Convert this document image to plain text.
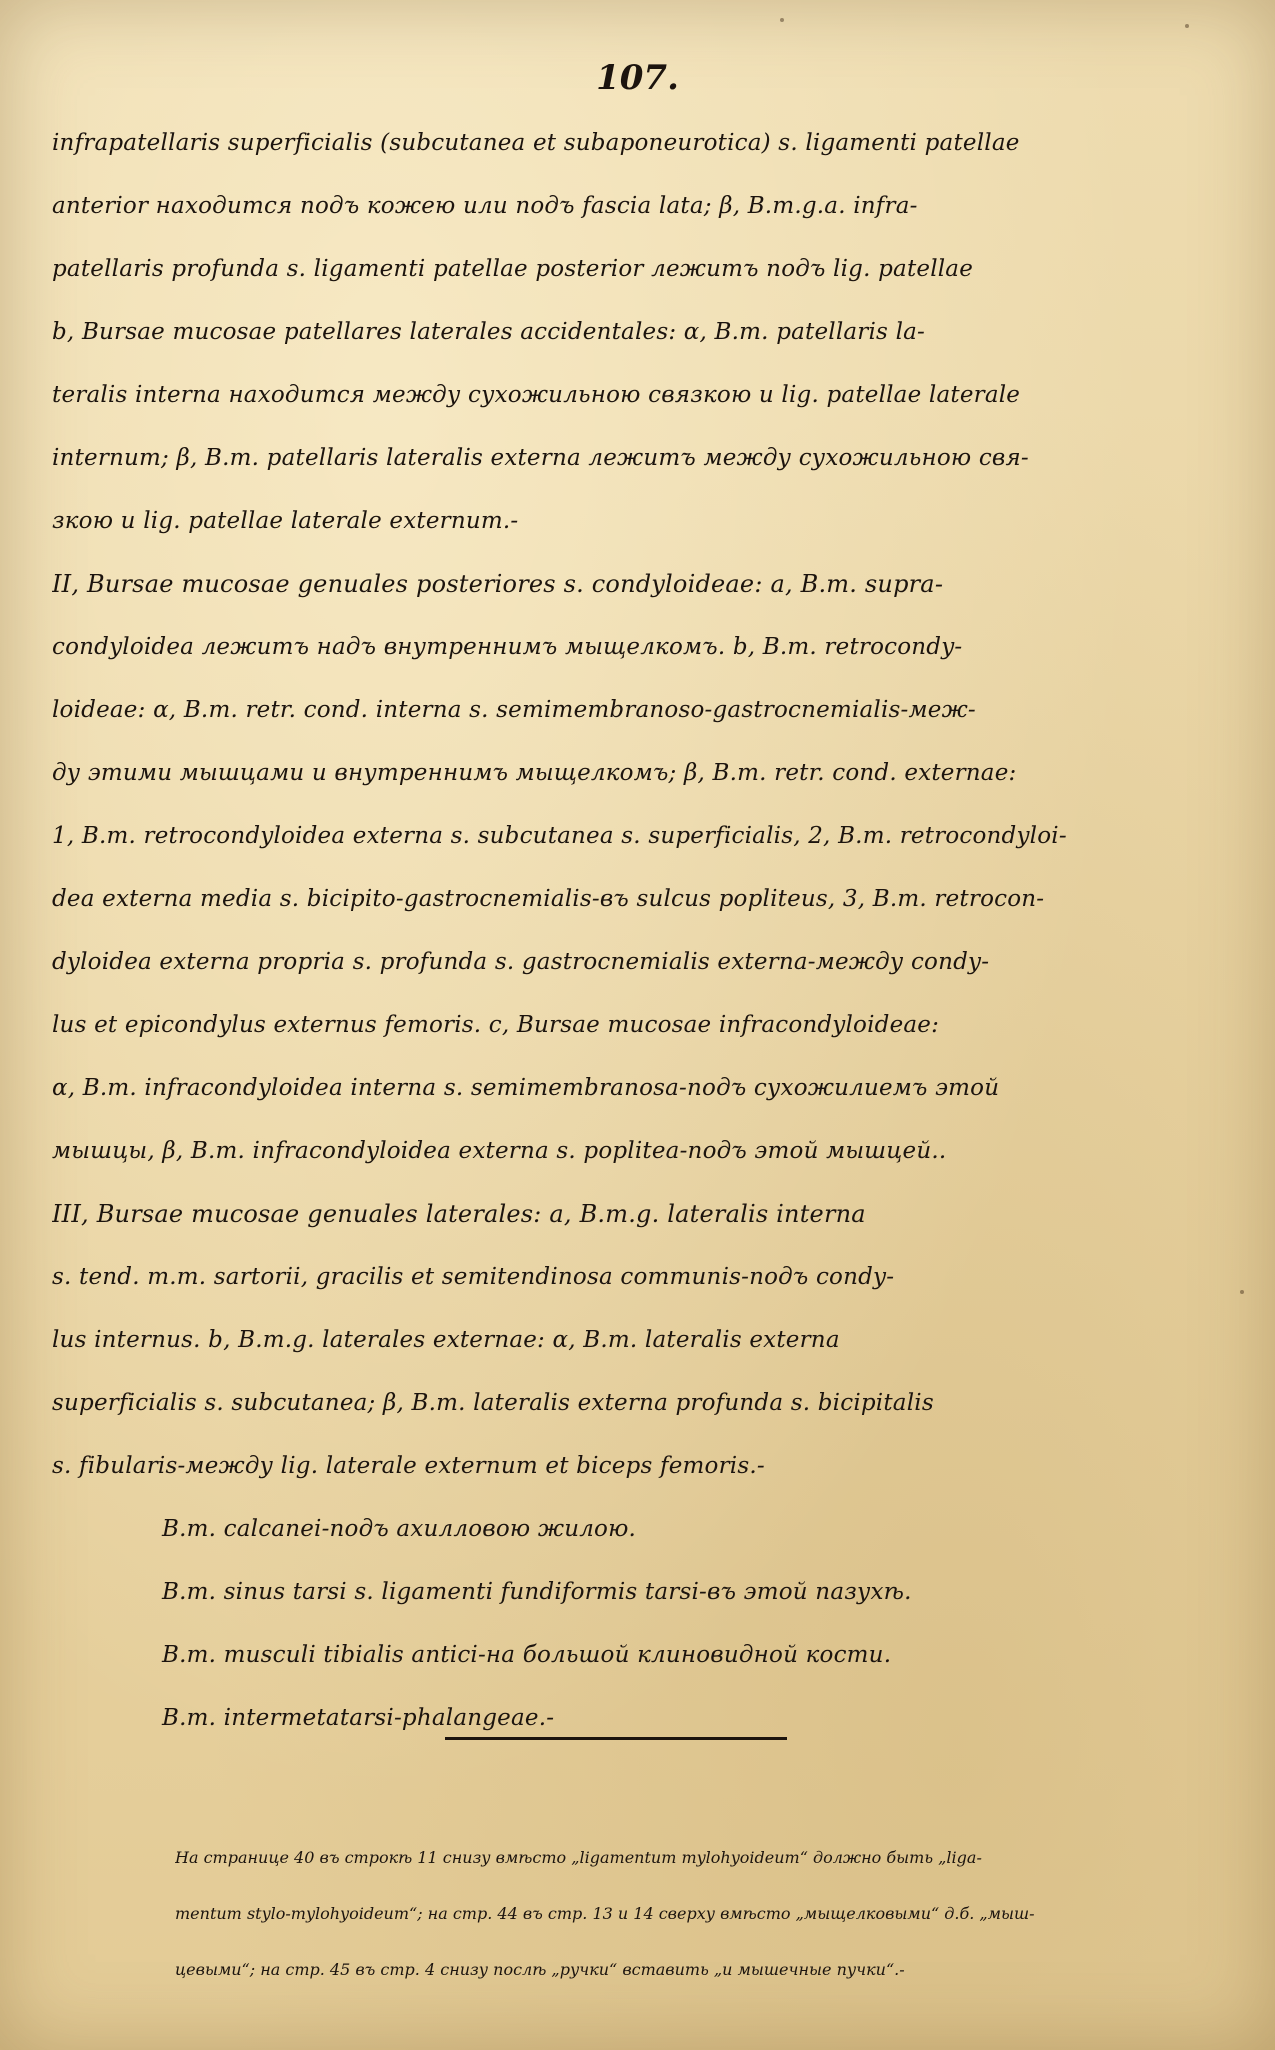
107.
infrapatellaris superficialis (subcutanea et subaponeurotica) s. ligamenti patellae
anterior находится подъ кожею или подъ fascia lata; β, B.m.g.a. infra-
patellaris profunda s. ligamenti patellae posterior лежитъ подъ lig. patellae
b, Bursae mucosae patellares laterales accidentales: α, B.m. patellaris la-
teralis interna находится между сухожильною связкою и lig. patellae laterale
internum; β, B.m. patellaris lateralis externa лежитъ между сухожильною свя-
зкою и lig. patellae laterale externum.-
II, Bursae mucosae genuales posteriores s. condyloideae: a, B.m. supra-
condyloidea лежитъ надъ внутреннимъ мыщелкомъ. b, B.m. retrocondy-
loideae: α, B.m. retr. cond. interna s. semimembranoso-gastrocnemialis-меж-
ду этими мышцами и внутреннимъ мыщелкомъ; β, B.m. retr. cond. externae:
1, B.m. retrocondyloidea externa s. subcutanea s. superficialis, 2, B.m. retrocondyloi-
dea externa media s. bicipito-gastrocnemialis-въ sulcus popliteus, 3, B.m. retrocon-
dyloidea externa propria s. profunda s. gastrocnemialis externa-между condy-
lus et epicondylus externus femoris. c, Bursae mucosae infracondyloideae:
α, B.m. infracondyloidea interna s. semimembranosa-подъ сухожилиемъ этой
мышцы, β, B.m. infracondyloidea externa s. poplitea-подъ этой мышцей..
III, Bursae mucosae genuales laterales: a, B.m.g. lateralis interna
s. tend. m.m. sartorii, gracilis et semitendinosa communis-подъ condy-
lus internus. b, B.m.g. laterales externae: α, B.m. lateralis externa
superficialis s. subcutanea; β, B.m. lateralis externa profunda s. bicipitalis
s. fibularis-между lig. laterale externum et biceps femoris.-
B.m. calcanei-подъ ахилловою жилою.
B.m. sinus tarsi s. ligamenti fundiformis tarsi-въ этой пазухѣ.
B.m. musculi tibialis antici-на большой клиновидной кости.
B.m. intermetatarsi-phalangeae.-
На странице 40 въ строкѣ 11 снизу вмѣсто „ligamentum mylohyoideum“ должно быть „liga-
mentum stylo-mylohyoideum“; на стр. 44 въ стр. 13 и 14 сверху вмѣсто „мыщелковыми“ д.б. „мыш-
цевыми“; на стр. 45 въ стр. 4 снизу послѣ „ручки“ вставить „и мышечные пучки“.-
